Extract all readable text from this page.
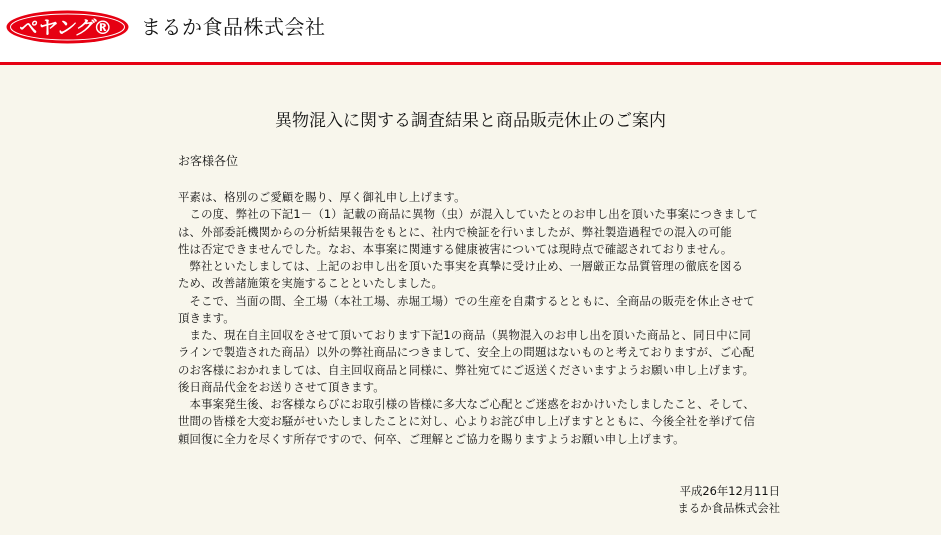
ペヤング® まるか食品株式会社
異物混入に関する調査結果と商品販売休止のご案内
お客様各位
平素は、格別のご愛顧を賜り、厚く御礼申し上げます。
　この度、弊社の下記1－（1）記載の商品に異物（虫）が混入していたとのお申し出を頂いた事案につきまして
は、外部委託機関からの分析結果報告をもとに、社内で検証を行いましたが、弊社製造過程での混入の可能
性は否定できませんでした。なお、本事案に関連する健康被害については現時点で確認されておりません。
　弊社といたしましては、上記のお申し出を頂いた事実を真摯に受け止め、一層厳正な品質管理の徹底を図る
ため、改善諸施策を実施することといたしました。
　そこで、当面の間、全工場（本社工場、赤堀工場）での生産を自粛するとともに、全商品の販売を休止させて
頂きます。
　また、現在自主回収をさせて頂いております下記1の商品（異物混入のお申し出を頂いた商品と、同日中に同
ラインで製造された商品）以外の弊社商品につきまして、安全上の問題はないものと考えておりますが、ご心配
のお客様におかれましては、自主回収商品と同様に、弊社宛てにご返送くださいますようお願い申し上げます。
後日商品代金をお送りさせて頂きます。
　本事案発生後、お客様ならびにお取引様の皆様に多大なご心配とご迷惑をおかけいたしましたこと、そして、
世間の皆様を大変お騒がせいたしましたことに対し、心よりお詫び申し上げますとともに、今後全社を挙げて信
頼回復に全力を尽くす所存ですので、何卒、ご理解とご協力を賜りますようお願い申し上げます。
平成26年12月11日
まるか食品株式会社
